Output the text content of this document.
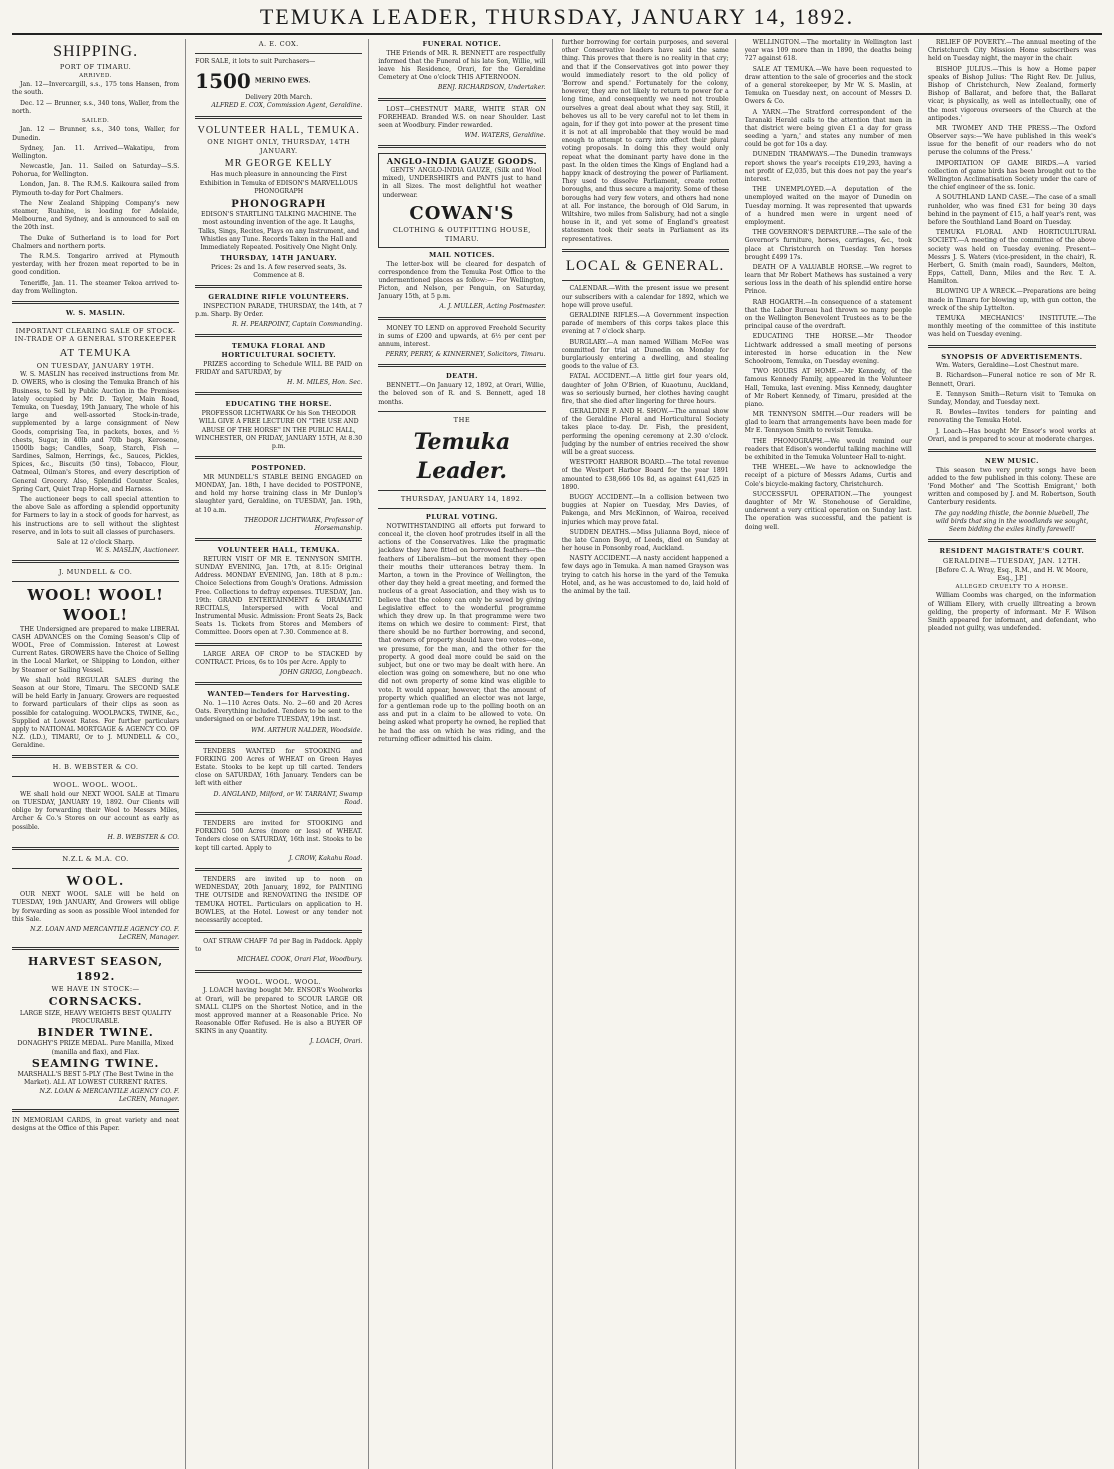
TEMUKA LEADER, THURSDAY, JANUARY 14, 1892.
SHIPPING.
PORT OF TIMARU.
ARRIVED.

Jan. 12—Invercargill, s.s., 175 tons Hansen, from the south.

Dec. 12 — Brunner, s.s., 340 tons, Waller, from the north.

SAILED.

Jan. 12 — Brunner, s.s., 340 tons, Waller, for Dunedin.

Sydney, Jan. 11. Arrived—Wakatipu, from Wellington.

Newcastle, Jan. 11. Sailed on Saturday—S.S. Pohorua, for Wellington.

London, Jan. 8. The R.M.S. Kaikoura sailed from Plymouth to-day for Port Chalmers.

The New Zealand Shipping Company's new steamer, Ruahine, is loading for Adelaide, Melbourne, and Sydney, and is announced to sail on the 20th inst.

The Duke of Sutherland is to load for Port Chalmers and northern ports.

The R.M.S. Tongariro arrived at Plymouth yesterday, with her frozen meat reported to be in good condition.

Teneriffe, Jan. 11. The steamer Tekoa arrived to-day from Wellington.

W. S. MASLIN.
IMPORTANT CLEARING SALE OF STOCK-IN-TRADE OF A GENERAL STOREKEEPER
AT TEMUKA
ON TUESDAY, JANUARY 19TH.

W. S. MASLIN has received instructions from Mr. D. OWERS, who is closing the Temuka Branch of his Business, to Sell by Public Auction in the Premises lately occupied by Mr. D. Taylor, Main Road, Temuka, on Tuesday, 19th January, The whole of his large and well-assorted Stock-in-trade, supplemented by a large consignment of New Goods, comprising Tea, in packets, boxes, and ½ chests, Sugar, in 40lb and 70lb bags, Kerosene, 1500lb bags; Candles, Soap, Starch, Fish — Sardines, Salmon, Herrings, &c., Sauces, Pickles, Spices, &c., Biscuits (50 tins), Tobacco, Flour, Oatmeal, Oilman's Stores, and every description of General Grocery. Also, Splendid Counter Scales, Spring Cart, Quiet Trap Horse, and Harness.

The auctioneer begs to call special attention to the above Sale as affording a splendid opportunity for Farmers to lay in a stock of goods for harvest, as his instructions are to sell without the slightest reserve, and in lots to suit all classes of purchasers.

Sale at 12 o'clock Sharp.
W. S. MASLIN, Auctioneer.
J. MUNDELL & CO.
WOOL! WOOL! WOOL!

THE Undersigned are prepared to make LIBERAL CASH ADVANCES on the Coming Season's Clip of WOOL, Free of Commission. Interest at Lowest Current Rates. GROWERS have the Choice of Selling in the Local Market, or Shipping to London, either by Steamer or Sailing Vessel.

We shall hold REGULAR SALES during the Season at our Store, Timaru. The SECOND SALE will be held Early in January. Growers are requested to forward particulars of their clips as soon as possible for cataloguing. WOOLPACKS, TWINE, &c., Supplied at Lowest Rates. For further particulars apply to NATIONAL MORTGAGE & AGENCY CO. OF N.Z. (LD.), TIMARU, Or to J. MUNDELL & CO., Geraldine.

H. B. WEBSTER & CO.
WOOL. WOOL. WOOL.

WE shall hold our NEXT WOOL SALE at Timaru on TUESDAY, JANUARY 19, 1892. Our Clients will oblige by forwarding their Wool to Messrs Miles, Archer & Co.'s Stores on our account as early as possible.

H. B. WEBSTER & CO.
N.Z.L & M.A. CO.
WOOL.

OUR NEXT WOOL SALE will be held on TUESDAY, 19th JANUARY, And Growers will oblige by forwarding as soon as possible Wool intended for this Sale.

N.Z. LOAN AND MERCANTILE AGENCY CO. F. LeCREN, Manager.
HARVEST SEASON, 1892.
WE HAVE IN STOCK:—
CORNSACKS.
LARGE SIZE, HEAVY WEIGHTS BEST QUALITY PROCURABLE.
BINDER TWINE.
DONAGHY'S PRIZE MEDAL. Pure Manilla, Mixed (manilla and flax), and Flax.
SEAMING TWINE.
MARSHALL'S BEST 5-PLY (The Best Twine in the Market). ALL AT LOWEST CURRENT RATES.
N.Z. LOAN & MERCANTILE AGENCY CO. F. LeCREN, Manager.

IN MEMORIAM CARDS, in great variety and neat designs at the Office of this Paper.

A. E. COX.

FOR SALE, it lots to suit Purchasers—

1500 MERINO EWES.
Delivery 20th March.
ALFRED E. COX, Commission Agent, Geraldine.
VOLUNTEER HALL, TEMUKA.
ONE NIGHT ONLY, THURSDAY, 14TH JANUARY.
MR GEORGE KELLY

Has much pleasure in announcing the First Exhibition in Temuka of EDISON'S MARVELLOUS PHONOGRAPH

PHONOGRAPH

EDISON'S STARTLING TALKING MACHINE. The most astounding invention of the age. It Laughs, Talks, Sings, Recites, Plays on any Instrument, and Whistles any Tune. Records Taken in the Hall and Immediately Repeated. Positively One Night Only.

THURSDAY, 14TH JANUARY.
Prices: 2s and 1s. A few reserved seats, 3s. Commence at 8.
GERALDINE RIFLE VOLUNTEERS.

INSPECTION PARADE, THURSDAY, the 14th, at 7 p.m. Sharp. By Order.

R. H. PEARPOINT, Captain Commanding.
TEMUKA FLORAL AND HORTICULTURAL SOCIETY.

PRIZES according to Schedule WILL BE PAID on FRIDAY and SATURDAY, by

H. M. MILES, Hon. Sec.
EDUCATING THE HORSE.

PROFESSOR LICHTWARK Or his Son THEODOR WILL GIVE A FREE LECTURE ON "THE USE AND ABUSE OF THE HORSE" IN THE PUBLIC HALL, WINCHESTER, ON FRIDAY, JANUARY 15TH, At 8.30 p.m.

POSTPONED.

MR MUNDELL'S STABLE BEING ENGAGED on MONDAY, Jan. 18th, I have decided to POSTPONE, and hold my horse training class in Mr Dunlop's slaughter yard, Geraldine, on TUESDAY, Jan. 19th, at 10 a.m.

THEODOR LICHTWARK, Professor of Horsemanship.
VOLUNTEER HALL, TEMUKA.

RETURN VISIT OF MR E. TENNYSON SMITH. SUNDAY EVENING, Jan. 17th, at 8.15: Original Address. MONDAY EVENING, Jan. 18th at 8 p.m.: Choice Selections from Gough's Orations. Admission Free. Collections to defray expenses. TUESDAY, Jan. 19th: GRAND ENTERTAINMENT & DRAMATIC RECITALS, Interspersed with Vocal and Instrumental Music. Admission: Front Seats 2s, Back Seats 1s. Tickets from Stores and Members of Committee. Doors open at 7.30. Commence at 8.

LARGE AREA OF CROP to be STACKED by CONTRACT. Prices, 6s to 10s per Acre. Apply to

JOHN GRIGG, Longbeach.
WANTED—Tenders for Harvesting.

No. 1—110 Acres Oats. No. 2—60 and 20 Acres Oats. Everything included. Tenders to be sent to the undersigned on or before TUESDAY, 19th inst.

WM. ARTHUR NALDER, Woodside.

TENDERS WANTED for STOOKING and FORKING 200 Acres of WHEAT on Green Hayes Estate. Stooks to be kept up till carted. Tenders close on SATURDAY, 16th January. Tenders can be left with either

D. ANGLAND, Milford, or W. TARRANT, Swamp Road.

TENDERS are invited for STOOKING and FORKING 500 Acres (more or less) of WHEAT. Tenders close on SATURDAY, 16th inst. Stooks to be kept till carted. Apply to

J. CROW, Kakahu Road.

TENDERS are invited up to noon on WEDNESDAY, 20th January, 1892, for PAINTING THE OUTSIDE and RENOVATING the INSIDE OF TEMUKA HOTEL. Particulars on application to H. BOWLES, at the Hotel. Lowest or any tender not necessarily accepted.

OAT STRAW CHAFF 7d per Bag in Paddock. Apply to

MICHAEL COOK, Orari Flat, Woodbury.
WOOL. WOOL. WOOL.

J. LOACH having bought Mr. ENSOR's Woolworks at Orari, will be prepared to SCOUR LARGE OR SMALL CLIPS on the Shortest Notice, and in the most approved manner at a Reasonable Price. No Reasonable Offer Refused. He is also a BUYER OF SKINS in any Quantity.

J. LOACH, Orari.
FUNERAL NOTICE.

THE Friends of MR. R. BENNETT are respectfully informed that the Funeral of his late Son, Willie, will leave his Residence, Orari, for the Geraldine Cemetery at One o'clock THIS AFTERNOON.

BENJ. RICHARDSON, Undertaker.

LOST—CHESTNUT MARE, WHITE STAR ON FOREHEAD. Branded W.S. on near Shoulder. Last seen at Woodbury. Finder rewarded.

WM. WATERS, Geraldine.
ANGLO-INDIA GAUZE GOODS.

GENTS' ANGLO-INDIA GAUZE, (Silk and Wool mixed), UNDERSHIRTS and PANTS just to hand in all Sizes. The most delightful hot weather underwear.

COWAN'S
CLOTHING & OUTFITTING HOUSE, TIMARU.
MAIL NOTICES.

The letter-box will be cleared for despatch of correspondence from the Temuka Post Office to the undermentioned places as follow:— For Wellington, Picton, and Nelson, per Penguin, on Saturday, January 15th, at 5 p.m.

A. J. MULLER, Acting Postmaster.

MONEY TO LEND on approved Freehold Security in sums of £200 and upwards, at 6½ per cent per annum, interest.

PERRY, PERRY, & KINNERNEY, Solicitors, Timaru.
DEATH.

BENNETT.—On January 12, 1892, at Orari, Willie, the beloved son of R. and S. Bennett, aged 18 months.

THE
Temuka Leader.
THURSDAY, JANUARY 14, 1892.
PLURAL VOTING.

NOTWITHSTANDING all efforts put forward to conceal it, the cloven hoof protrudes itself in all the actions of the Conservatives. Like the pragmatic jackdaw they have fitted on borrowed feathers—the feathers of Liberalism—but the moment they open their mouths their utterances betray them. In Marton, a town in the Province of Wellington, the other day they held a great meeting, and formed the nucleus of a great Association, and they wish us to believe that the colony can only be saved by giving Legislative effect to the wonderful programme which they drew up. In that programme were two items on which we desire to comment: First, that there should be no further borrowing, and second, that owners of property should have two votes—one, we presume, for the man, and the other for the property. A good deal more could be said on the subject, but one or two may be dealt with here. An election was going on somewhere, but no one who did not own property of some kind was eligible to vote. It would appear, however, that the amount of property which qualified an elector was not large, for a gentleman rode up to the polling booth on an ass and put in a claim to be allowed to vote. On being asked what property he owned, he replied that he had the ass on which he was riding, and the returning officer admitted his claim.

further borrowing for certain purposes, and several other Conservative leaders have said the same thing. This proves that there is no reality in that cry; and that if the Conservatives got into power they would immediately resort to the old policy of 'Borrow and spend.' Fortunately for the colony, however, they are not likely to return to power for a long time, and consequently we need not trouble ourselves a great deal about what they say. Still, it behoves us all to be very careful not to let them in again, for if they got into power at the present time it is not at all improbable that they would be mad enough to attempt to carry into effect their plural voting proposals. In doing this they would only repeat what the dominant party have done in the past. In the olden times the Kings of England had a happy knack of destroying the power of Parliament. They used to dissolve Parliament, create rotten boroughs, and thus secure a majority. Some of these boroughs had very few voters, and others had none at all. For instance, the borough of Old Sarum, in Wiltshire, two miles from Salisbury, had not a single house in it, and yet some of England's greatest statesmen took their seats in Parliament as its representatives.

LOCAL & GENERAL.

CALENDAR.—With the present issue we present our subscribers with a calendar for 1892, which we hope will prove useful.

GERALDINE RIFLES.—A Government inspection parade of members of this corps takes place this evening at 7 o'clock sharp.

BURGLARY.—A man named William McFee was committed for trial at Dunedin on Monday for burglariously entering a dwelling, and stealing goods to the value of £3.

FATAL ACCIDENT.—A little girl four years old, daughter of John O'Brien, of Kuaotunu, Auckland, was so seriously burned, her clothes having caught fire, that she died after lingering for three hours.

GERALDINE F. AND H. SHOW.—The annual show of the Geraldine Floral and Horticultural Society takes place to-day. Dr. Fish, the president, performing the opening ceremony at 2.30 o'clock. Judging by the number of entries received the show will be a great success.

WESTPORT HARBOR BOARD.—The total revenue of the Westport Harbor Board for the year 1891 amounted to £38,666 10s 8d, as against £41,625 in 1890.

BUGGY ACCIDENT.—In a collision between two buggies at Napier on Tuesday, Mrs Davies, of Pakenga, and Mrs McKinnon, of Wairoa, received injuries which may prove fatal.

SUDDEN DEATHS.—Miss Julianna Boyd, niece of the late Canon Boyd, of Leeds, died on Sunday at her house in Ponsonby road, Auckland.

NASTY ACCIDENT.—A nasty accident happened a few days ago in Temuka. A man named Grayson was trying to catch his horse in the yard of the Temuka Hotel, and, as he was accustomed to do, laid hold of the animal by the tail.

WELLINGTON.—The mortality in Wellington last year was 109 more than in 1890, the deaths being 727 against 618.

SALE AT TEMUKA.—We have been requested to draw attention to the sale of groceries and the stock of a general storekeeper, by Mr W. S. Maslin, at Temuka on Tuesday next, on account of Messrs D. Owers & Co.

A YARN.—The Stratford correspondent of the Taranaki Herald calls to the attention that men in that district were being given £1 a day for grass seeding a 'yarn,' and states any number of men could be got for 10s a day.

DUNEDIN TRAMWAYS.—The Dunedin tramways report shows the year's receipts £19,293, having a net profit of £2,035, but this does not pay the year's interest.

THE UNEMPLOYED.—A deputation of the unemployed waited on the mayor of Dunedin on Tuesday morning. It was represented that upwards of a hundred men were in urgent need of employment.

THE GOVERNOR'S DEPARTURE.—The sale of the Governor's furniture, horses, carriages, &c., took place at Christchurch on Tuesday. Ten horses brought £499 17s.

DEATH OF A VALUABLE HORSE.—We regret to learn that Mr Robert Mathews has sustained a very serious loss in the death of his splendid entire horse Prince.

RAB HOGARTH.—In consequence of a statement that the Labor Bureau had thrown so many people on the Wellington Benevolent Trustees as to be the principal cause of the overdraft.

EDUCATING THE HORSE.—Mr Theodor Lichtwark addressed a small meeting of persons interested in horse education in the New Schoolroom, Temuka, on Tuesday evening.

TWO HOURS AT HOME.—Mr Kennedy, of the famous Kennedy Family, appeared in the Volunteer Hall, Temuka, last evening. Miss Kennedy, daughter of Mr Robert Kennedy, of Timaru, presided at the piano.

MR TENNYSON SMITH.—Our readers will be glad to learn that arrangements have been made for Mr E. Tennyson Smith to revisit Temuka.

THE PHONOGRAPH.—We would remind our readers that Edison's wonderful talking machine will be exhibited in the Temuka Volunteer Hall to-night.

THE WHEEL.—We have to acknowledge the receipt of a picture of Messrs Adams, Curtis and Cole's bicycle-making factory, Christchurch.

SUCCESSFUL OPERATION.—The youngest daughter of Mr W. Stonehouse of Geraldine, underwent a very critical operation on Sunday last. The operation was successful, and the patient is doing well.

RELIEF OF POVERTY.—The annual meeting of the Christchurch City Mission Home subscribers was held on Tuesday night, the mayor in the chair.

BISHOP JULIUS.—This is how a Home paper speaks of Bishop Julius: 'The Right Rev. Dr. Julius, Bishop of Christchurch, New Zealand, formerly Bishop of Ballarat, and before that, the Ballarat vicar, is physically, as well as intellectually, one of the most vigorous overseers of the Church at the antipodes.'

MR TWOMEY AND THE PRESS.—The Oxford Observer says:—'We have published in this week's issue for the benefit of our readers who do not peruse the columns of the Press.'

IMPORTATION OF GAME BIRDS.—A varied collection of game birds has been brought out to the Wellington Acclimatisation Society under the care of the chief engineer of the ss. Ionic.

A SOUTHLAND LAND CASE.—The case of a small runholder, who was fined £31 for being 30 days behind in the payment of £15, a half year's rent, was before the Southland Land Board on Tuesday.

TEMUKA FLORAL AND HORTICULTURAL SOCIETY.—A meeting of the committee of the above society was held on Tuesday evening. Present—Messrs J. S. Waters (vice-president, in the chair), R. Herbert, G. Smith (main road), Saunders, Melton, Epps, Cattell, Dann, Miles and the Rev. T. A. Hamilton.

BLOWING UP A WRECK.—Preparations are being made in Timaru for blowing up, with gun cotton, the wreck of the ship Lyttelton.

TEMUKA MECHANICS' INSTITUTE.—The monthly meeting of the committee of this institute was held on Tuesday evening.

SYNOPSIS OF ADVERTISEMENTS.

Wm. Waters, Geraldine—Lost Chestnut mare.

B. Richardson—Funeral notice re son of Mr R. Bennett, Orari.

E. Tennyson Smith—Return visit to Temuka on Sunday, Monday, and Tuesday next.

R. Bowles—Invites tenders for painting and renovating the Temuka Hotel.

J. Loach—Has bought Mr Ensor's wool works at Orari, and is prepared to scour at moderate charges.

NEW MUSIC.

This season two very pretty songs have been added to the few published in this colony. These are 'Fond Mother' and 'The Scottish Emigrant,' both written and composed by J. and M. Robertson, South Canterbury residents.

The gay nodding thistle, the bonnie bluebell, The wild birds that sing in the woodlands we sought, Seem bidding the exiles kindly farewell!

RESIDENT MAGISTRATE'S COURT.
GERALDINE—TUESDAY, JAN. 12TH.
[Before C. A. Wray, Esq., R.M., and H. W. Moore, Esq., J.P.]
ALLEGED CRUELTY TO A HORSE.

William Coombs was charged, on the information of William Ellery, with cruelly illtreating a brown gelding, the property of informant. Mr F. Wilson Smith appeared for informant, and defendant, who pleaded not guilty, was undefended.
